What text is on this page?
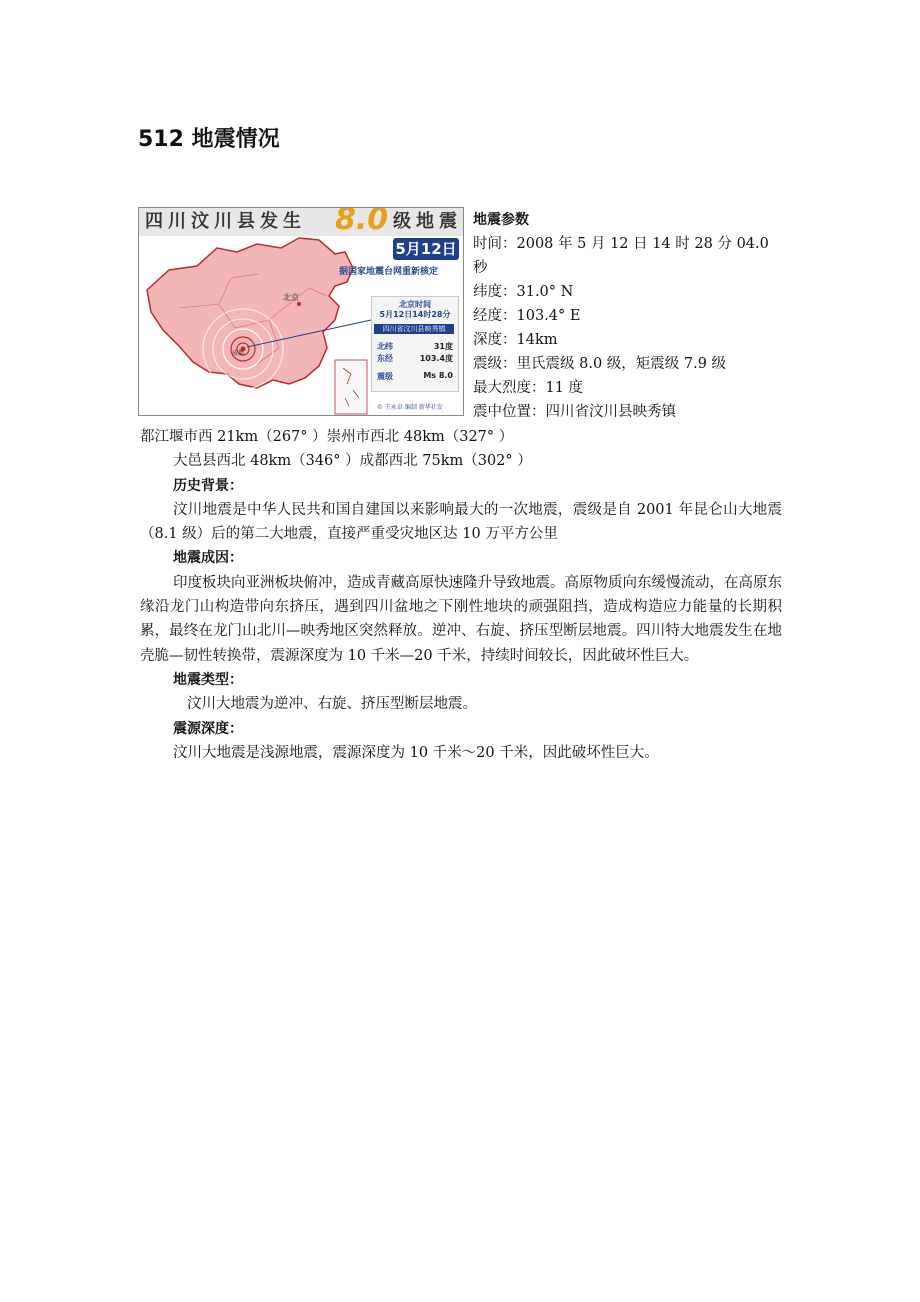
512 地震情况
四川汶川县发生 8.0 级地震
北京
成都
5月12日
据国家地震台网重新核定
北京时间
5月12日14时28分
四川省汶川县映秀镇
北纬	31度
东经	103.4度
震级	Ms 8.0
© 王永卓 编制 新华社发
地震参数
时间：2008 年 5 月 12 日 14 时 28 分 04.0
秒
纬度：31.0° N
经度：103.4° E
深度：14km
震级：里氏震级 8.0 级，矩震级 7.9 级
最大烈度：11 度
震中位置：四川省汶川县映秀镇
都江堰市西 21km（267° ）崇州市西北 48km（327° ）
大邑县西北 48km（346° ）成都西北 75km（302° ）
历史背景：
汶川地震是中华人民共和国自建国以来影响最大的一次地震，震级是自 2001 年昆仑山大地震（8.1 级）后的第二大地震，直接严重受灾地区达 10 万平方公里
地震成因：
印度板块向亚洲板块俯冲，造成青藏高原快速隆升导致地震。高原物质向东缓慢流动，在高原东缘沿龙门山构造带向东挤压，遇到四川盆地之下刚性地块的顽强阻挡，造成构造应力能量的长期积累，最终在龙门山北川—映秀地区突然释放。逆冲、右旋、挤压型断层地震。四川特大地震发生在地壳脆—韧性转换带，震源深度为 10 千米—20 千米，持续时间较长，因此破坏性巨大。
地震类型：
汶川大地震为逆冲、右旋、挤压型断层地震。
震源深度：
汶川大地震是浅源地震，震源深度为 10 千米～20 千米，因此破坏性巨大。
